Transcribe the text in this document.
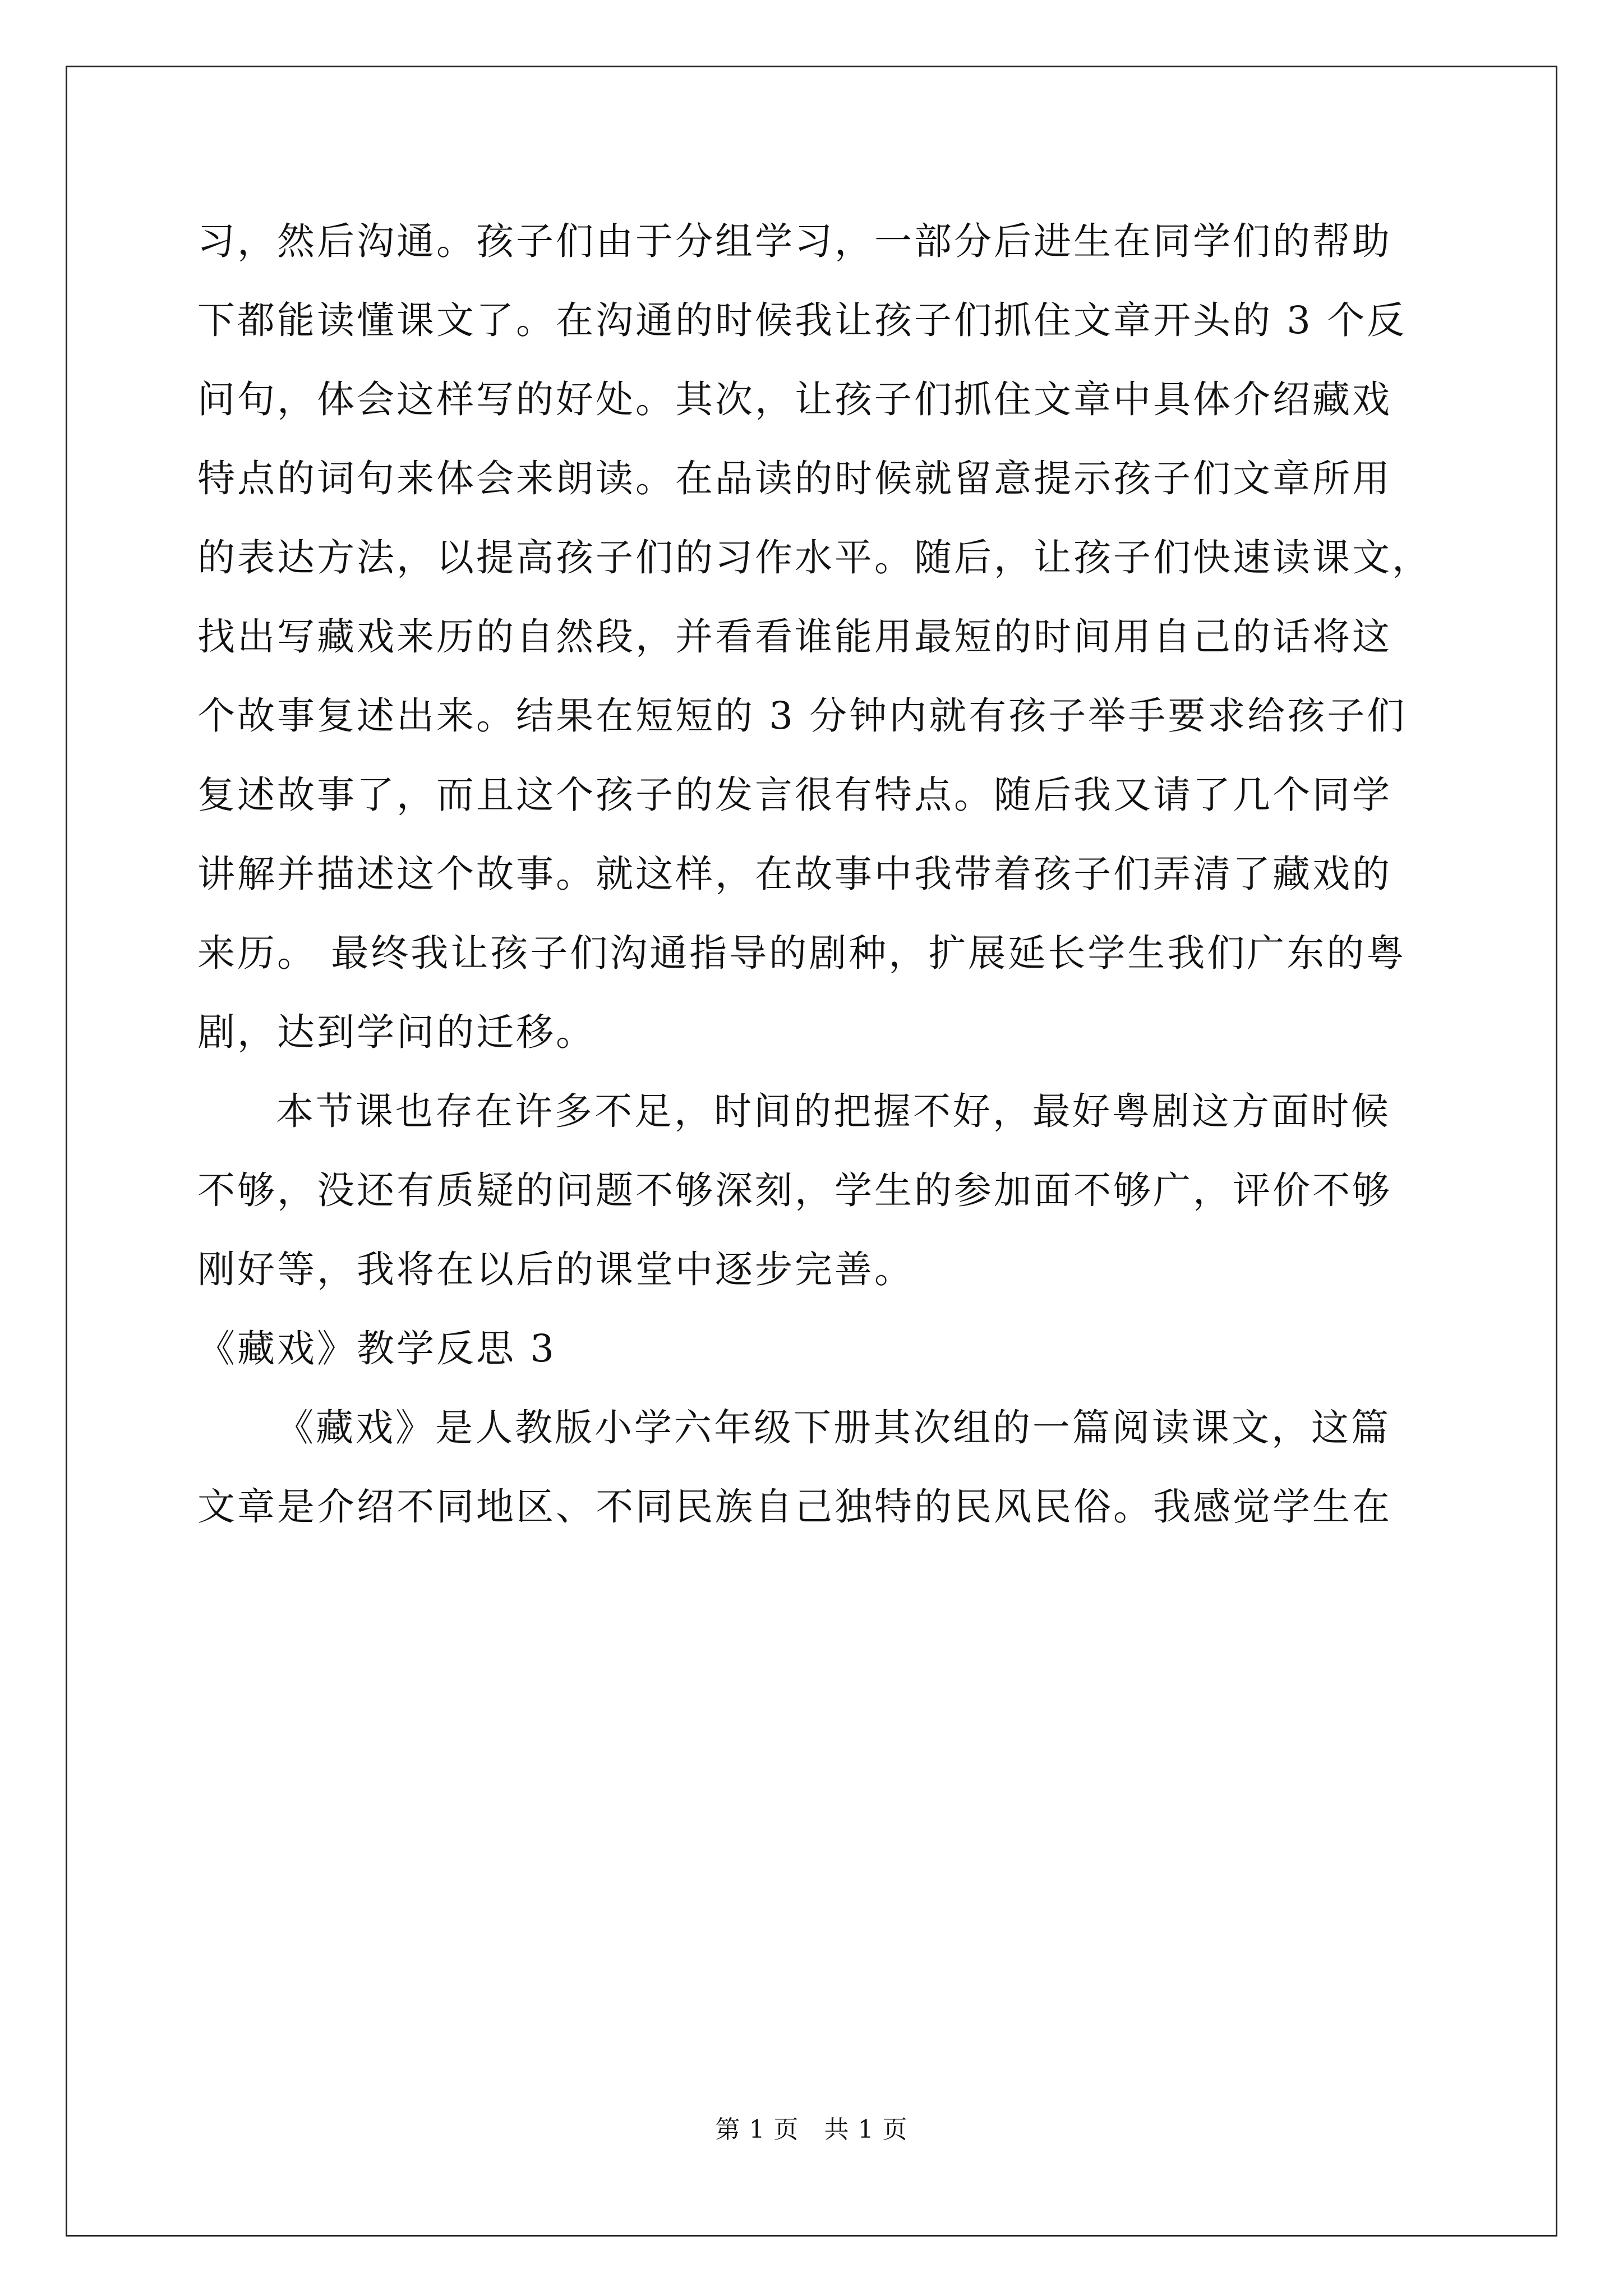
习，然后沟通。孩子们由于分组学习，一部分后进生在同学们的帮助
下都能读懂课文了。在沟通的时候我让孩子们抓住文章开头的 3 个反
问句，体会这样写的好处。其次，让孩子们抓住文章中具体介绍藏戏
特点的词句来体会来朗读。在品读的时候就留意提示孩子们文章所用
的表达方法，以提高孩子们的习作水平。随后，让孩子们快速读课文，
找出写藏戏来历的自然段，并看看谁能用最短的时间用自己的话将这
个故事复述出来。结果在短短的 3 分钟内就有孩子举手要求给孩子们
复述故事了，而且这个孩子的发言很有特点。随后我又请了几个同学
讲解并描述这个故事。就这样，在故事中我带着孩子们弄清了藏戏的
来历。 最终我让孩子们沟通指导的剧种，扩展延长学生我们广东的粤
剧，达到学问的迁移。
本节课也存在许多不足，时间的把握不好，最好粤剧这方面时候
不够，没还有质疑的问题不够深刻，学生的参加面不够广，评价不够
刚好等，我将在以后的课堂中逐步完善。
《藏戏》教学反思 3
《藏戏》是人教版小学六年级下册其次组的一篇阅读课文，这篇
文章是介绍不同地区、不同民族自己独特的民风民俗。我感觉学生在
第 1 页   共 1 页
